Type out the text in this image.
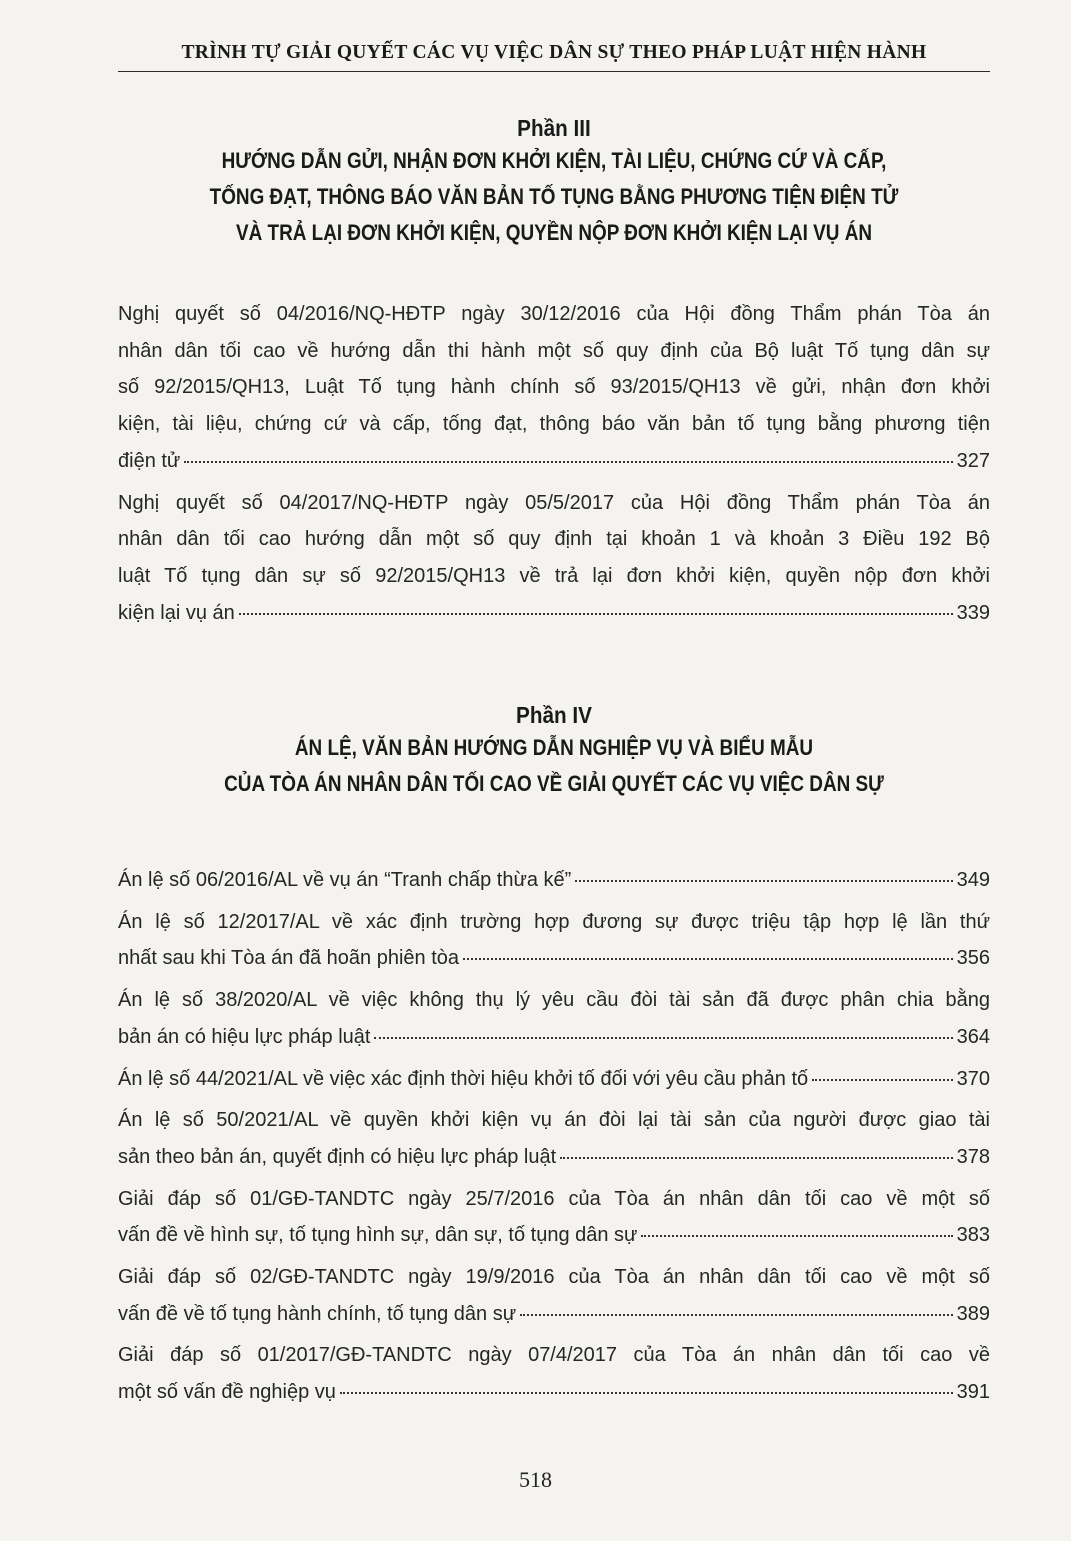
TRÌNH TỰ GIẢI QUYẾT CÁC VỤ VIỆC DÂN SỰ THEO PHÁP LUẬT HIỆN HÀNH
Phần III
HƯỚNG DẪN GỬI, NHẬN ĐƠN KHỞI KIỆN, TÀI LIỆU, CHỨNG CỨ VÀ CẤP,
TỐNG ĐẠT, THÔNG BÁO VĂN BẢN TỐ TỤNG BẰNG PHƯƠNG TIỆN ĐIỆN TỬ
VÀ TRẢ LẠI ĐƠN KHỞI KIỆN, QUYỀN NỘP ĐƠN KHỞI KIỆN LẠI VỤ ÁN
Nghị quyết số 04/2016/NQ-HĐTP ngày 30/12/2016 của Hội đồng Thẩm phán Tòa án
nhân dân tối cao về hướng dẫn thi hành một số quy định của Bộ luật Tố tụng dân sự
số 92/2015/QH13, Luật Tố tụng hành chính số 93/2015/QH13 về gửi, nhận đơn khởi
kiện, tài liệu, chứng cứ và cấp, tống đạt, thông báo văn bản tố tụng bằng phương tiện
điện tử	327
Nghị quyết số 04/2017/NQ-HĐTP ngày 05/5/2017 của Hội đồng Thẩm phán Tòa án
nhân dân tối cao hướng dẫn một số quy định tại khoản 1 và khoản 3 Điều 192 Bộ
luật Tố tụng dân sự số 92/2015/QH13 về trả lại đơn khởi kiện, quyền nộp đơn khởi
kiện lại vụ án	339
Phần IV
ÁN LỆ, VĂN BẢN HƯỚNG DẪN NGHIỆP VỤ VÀ BIỂU MẪU
CỦA TÒA ÁN NHÂN DÂN TỐI CAO VỀ GIẢI QUYẾT CÁC VỤ VIỆC DÂN SỰ
Án lệ số 06/2016/AL về vụ án “Tranh chấp thừa kế”	349
Án lệ số 12/2017/AL về xác định trường hợp đương sự được triệu tập hợp lệ lần thứ
nhất sau khi Tòa án đã hoãn phiên tòa	356
Án lệ số 38/2020/AL về việc không thụ lý yêu cầu đòi tài sản đã được phân chia bằng
bản án có hiệu lực pháp luật	364
Án lệ số 44/2021/AL về việc xác định thời hiệu khởi tố đối với yêu cầu phản tố	370
Án lệ số 50/2021/AL về quyền khởi kiện vụ án đòi lại tài sản của người được giao tài
sản theo bản án, quyết định có hiệu lực pháp luật	378
Giải đáp số 01/GĐ-TANDTC ngày 25/7/2016 của Tòa án nhân dân tối cao về một số
vấn đề về hình sự, tố tụng hình sự, dân sự, tố tụng dân sự	383
Giải đáp số 02/GĐ-TANDTC ngày 19/9/2016 của Tòa án nhân dân tối cao về một số
vấn đề về tố tụng hành chính, tố tụng dân sự	389
Giải đáp số 01/2017/GĐ-TANDTC ngày 07/4/2017 của Tòa án nhân dân tối cao về
một số vấn đề nghiệp vụ	391
518
